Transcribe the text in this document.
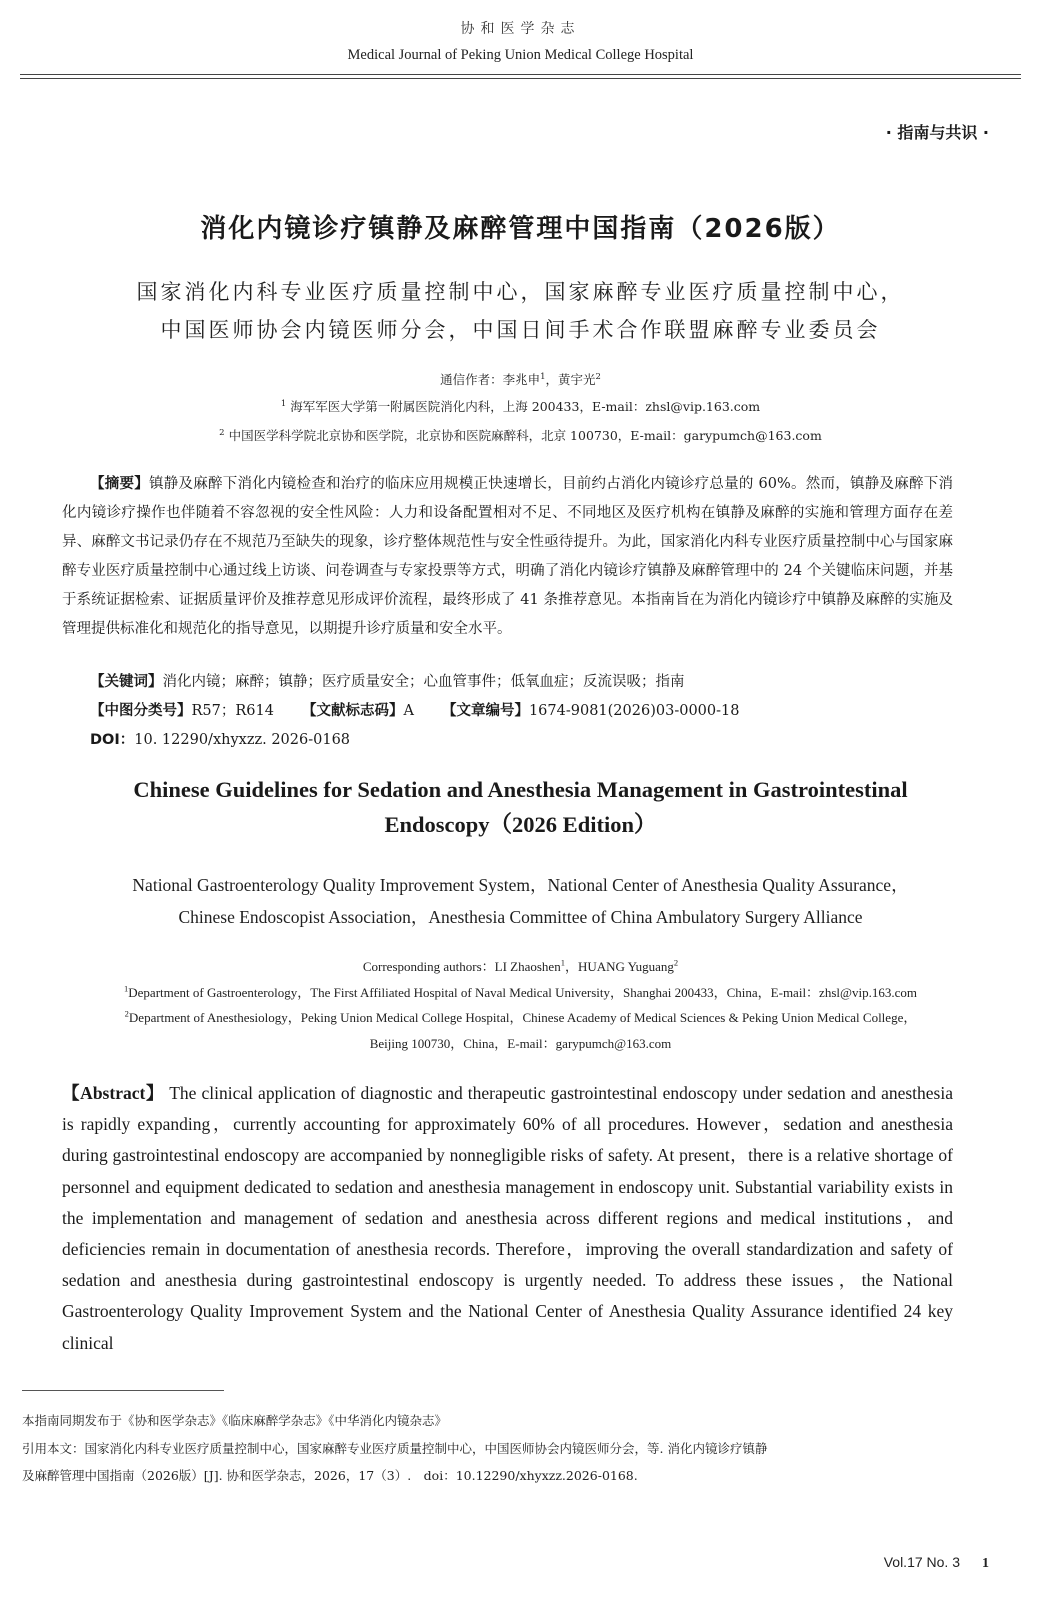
协和医学杂志
Medical Journal of Peking Union Medical College Hospital
· 指南与共识 ·
消化内镜诊疗镇静及麻醉管理中国指南（2026版）
国家消化内科专业医疗质量控制中心，国家麻醉专业医疗质量控制中心，
中国医师协会内镜医师分会，中国日间手术合作联盟麻醉专业委员会
通信作者：李兆申$^1$，黄宇光$^2$
$^1$ 海军军医大学第一附属医院消化内科，上海 200433，E-mail：zhsl@vip.163.com
$^2$ 中国医学科学院北京协和医学院，北京协和医院麻醉科，北京 100730，E-mail：garypumch@163.com
【摘要】镇静及麻醉下消化内镜检查和治疗的临床应用规模正快速增长，目前约占消化内镜诊疗总量的 60%。然而，镇静及麻醉下消化内镜诊疗操作也伴随着不容忽视的安全性风险：人力和设备配置相对不足、不同地区及医疗机构在镇静及麻醉的实施和管理方面存在差异、麻醉文书记录仍存在不规范乃至缺失的现象，诊疗整体规范性与安全性亟待提升。为此，国家消化内科专业医疗质量控制中心与国家麻醉专业医疗质量控制中心通过线上访谈、问卷调查与专家投票等方式，明确了消化内镜诊疗镇静及麻醉管理中的 24 个关键临床问题，并基于系统证据检索、证据质量评价及推荐意见形成评价流程，最终形成了 41 条推荐意见。本指南旨在为消化内镜诊疗中镇静及麻醉的实施及管理提供标准化和规范化的指导意见，以期提升诊疗质量和安全水平。
【关键词】消化内镜；麻醉；镇静；医疗质量安全；心血管事件；低氧血症；反流误吸；指南
【中图分类号】R57；R614 【文献标志码】A 【文章编号】1674-9081(2026)03-0000-18
DOI：10. 12290/xhyxzz. 2026-0168
Chinese Guidelines for Sedation and Anesthesia Management in Gastrointestinal
Endoscopy（2026 Edition）
National Gastroenterology Quality Improvement System，National Center of Anesthesia Quality Assurance，
Chinese Endoscopist Association，Anesthesia Committee of China Ambulatory Surgery Alliance
Corresponding authors：LI Zhaoshen$^1$，HUANG Yuguang$^2$
$^1$Department of Gastroenterology，The First Affiliated Hospital of Naval Medical University，Shanghai 200433，China，E-mail：zhsl@vip.163.com
$^2$Department of Anesthesiology，Peking Union Medical College Hospital，Chinese Academy of Medical Sciences & Peking Union Medical College，
Beijing 100730，China，E-mail：garypumch@163.com
【Abstract】 The clinical application of diagnostic and therapeutic gastrointestinal endoscopy under sedation and anesthesia is rapidly expanding，currently accounting for approximately 60% of all procedures. However，sedation and anesthesia during gastrointestinal endoscopy are accompanied by nonnegligible risks of safety. At present，there is a relative shortage of personnel and equipment dedicated to sedation and anesthesia management in endoscopy unit. Substantial variability exists in the implementation and management of sedation and anesthesia across different regions and medical institutions，and deficiencies remain in documentation of anesthesia records. Therefore，improving the overall standardization and safety of sedation and anesthesia during gastrointestinal endoscopy is urgently needed. To address these issues，the National Gastroenterology Quality Improvement System and the National Center of Anesthesia Quality Assurance identified 24 key clinical
本指南同期发布于《协和医学杂志》《临床麻醉学杂志》《中华消化内镜杂志》
引用本文：国家消化内科专业医疗质量控制中心，国家麻醉专业医疗质量控制中心，中国医师协会内镜医师分会，等. 消化内镜诊疗镇静
及麻醉管理中国指南（2026版）[J]. 协和医学杂志，2026，17（3）.　doi：10.12290/xhyxzz.2026-0168.
Vol.17 No. 3 1
